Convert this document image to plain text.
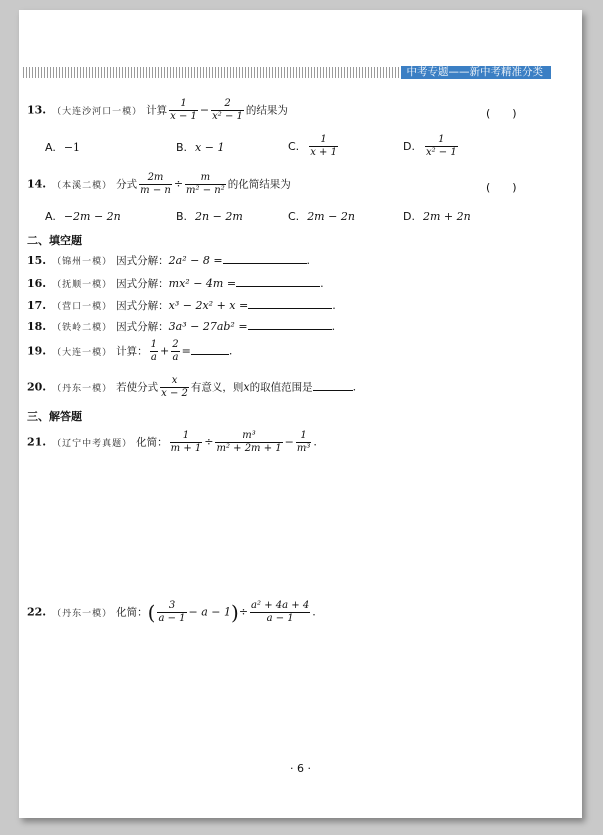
中考专题——新中考精准分类
13. （大连沙河口一模） 计算 $\frac{1}{x - 1} - \frac{2}{\text{x² − 1}}$ 的结果为	(　　)
A. −1	B. x − 1	C. $\frac{1}{x + 1}$	D. $\frac{1}{\text{x² − 1}}$
14. （本溪二模） 分式 $\frac{2m}{m - n} \div \frac{m}{\text{m² − n²}}$ 的化简结果为	(　　)
A. −2m − 2n	B. 2n − 2m	C. 2m − 2n	D. 2m + 2n
二、填空题
15. （锦州一模） 因式分解：2a² − 8 =	.
16. （抚顺一模） 因式分解：mx² − 4m =	.
17. （营口一模） 因式分解：x³ − 2x² + x =	.
18. （铁岭二模） 因式分解：3a³ − 27ab² =	.
19. （大连一模） 计算： $\frac{1}{a} + \frac{2}{a}$ =	.
20. （丹东一模） 若使分式 $\frac{x}{x - 2}$ 有意义，则x的取值范围是	.
三、解答题
21. （辽宁中考真题） 化简： $\frac{1}{m + 1} \div \frac{\text{m³}}{\text{m² + 2m + 1}} - \frac{1}{\text{m³}}$ .
22. （丹东一模） 化简：( $\frac{3}{a - 1} - a - 1)\div \frac{\text{a² + 4a + 4}}{a - 1}$ .
· 6 ·
